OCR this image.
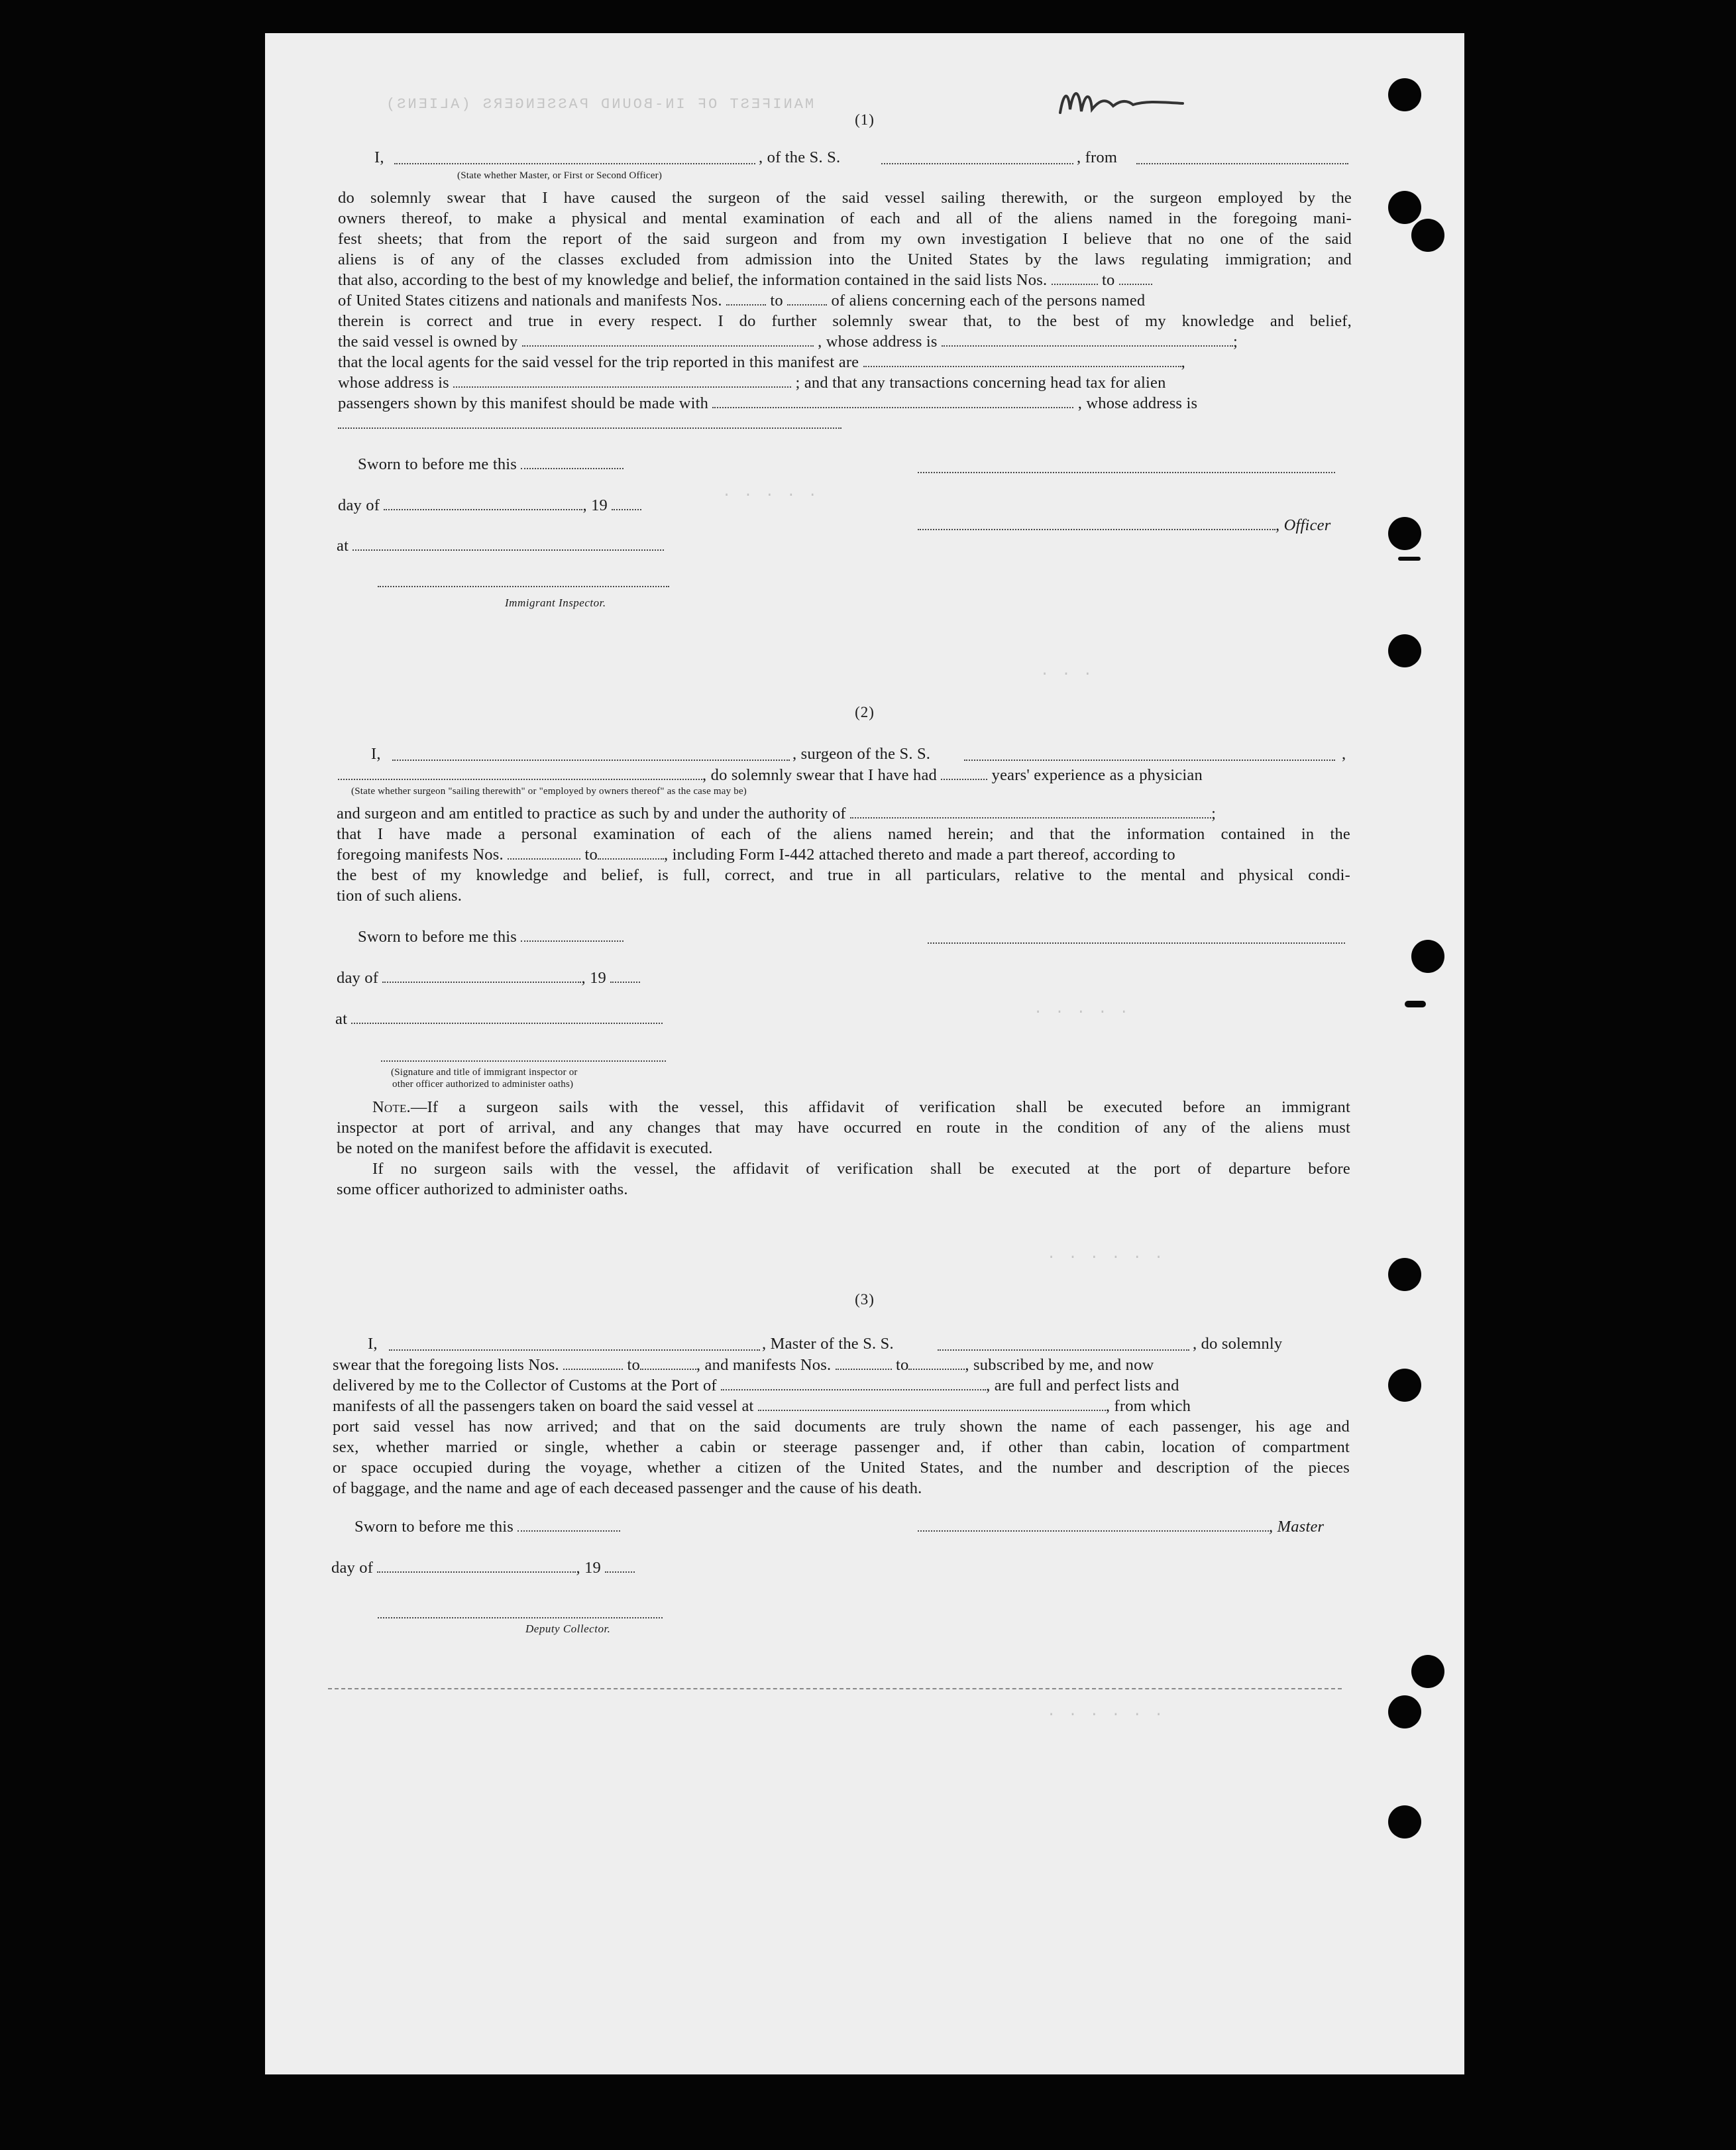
MANIFEST OF IN-BOUND PASSENGERS (ALIENS)
. . . . .
. . .
. . . . .
. . . . . .
. . . . . .
(1)
I,	, of the S. S.	, from
(State whether Master, or First or Second Officer)
do solemnly swear that I have caused the surgeon of the said vessel sailing therewith, or the surgeon employed by the
owners thereof, to make a physical and mental examination of each and all of the aliens named in the foregoing mani-
fest sheets; that from the report of the said surgeon and from my own investigation I believe that no one of the said
aliens is of any of the classes excluded from admission into the United States by the laws regulating immigration; and
that also, according to the best of my knowledge and belief, the information contained in the said lists Nos.	to
of United States citizens and nationals and manifests Nos.	to	of aliens concerning each of the persons named
therein is correct and true in every respect. I do further solemnly swear that, to the best of my knowledge and belief,
the said vessel is owned by	, whose address is	;
that the local agents for the said vessel for the trip reported in this manifest are	,
whose address is	; and that any transactions concerning head tax for alien
passengers shown by this manifest should be made with	, whose address is
Sworn to before me this
day of	, 19
at
Immigrant Inspector.
, Officer
(2)
I,	, surgeon of the S. S.	,
, do solemnly swear that I have had	years' experience as a physician
(State whether surgeon "sailing therewith" or "employed by owners thereof" as the case may be)
and surgeon and am entitled to practice as such by and under the authority of	;
that I have made a personal examination of each of the aliens named herein; and that the information contained in the
foregoing manifests Nos.	to	, including Form I-442 attached thereto and made a part thereof, according to
the best of my knowledge and belief, is full, correct, and true in all particulars, relative to the mental and physical condi-
tion of such aliens.
Sworn to before me this
day of	, 19
at
(Signature and title of immigrant inspector or
other officer authorized to administer oaths)
Note.—If a surgeon sails with the vessel, this affidavit of verification shall be executed before an immigrant
inspector at port of arrival, and any changes that may have occurred en route in the condition of any of the aliens must
be noted on the manifest before the affidavit is executed.
If no surgeon sails with the vessel, the affidavit of verification shall be executed at the port of departure before
some officer authorized to administer oaths.
(3)
I,	, Master of the S. S.	, do solemnly
swear that the foregoing lists Nos.	to	, and manifests Nos.	to	, subscribed by me, and now
delivered by me to the Collector of Customs at the Port of	, are full and perfect lists and
manifests of all the passengers taken on board the said vessel at	, from which
port said vessel has now arrived; and that on the said documents are truly shown the name of each passenger, his age and
sex, whether married or single, whether a cabin or steerage passenger and, if other than cabin, location of compartment
or space occupied during the voyage, whether a citizen of the United States, and the number and description of the pieces
of baggage, and the name and age of each deceased passenger and the cause of his death.
Sworn to before me this	, Master
day of	, 19
Deputy Collector.
